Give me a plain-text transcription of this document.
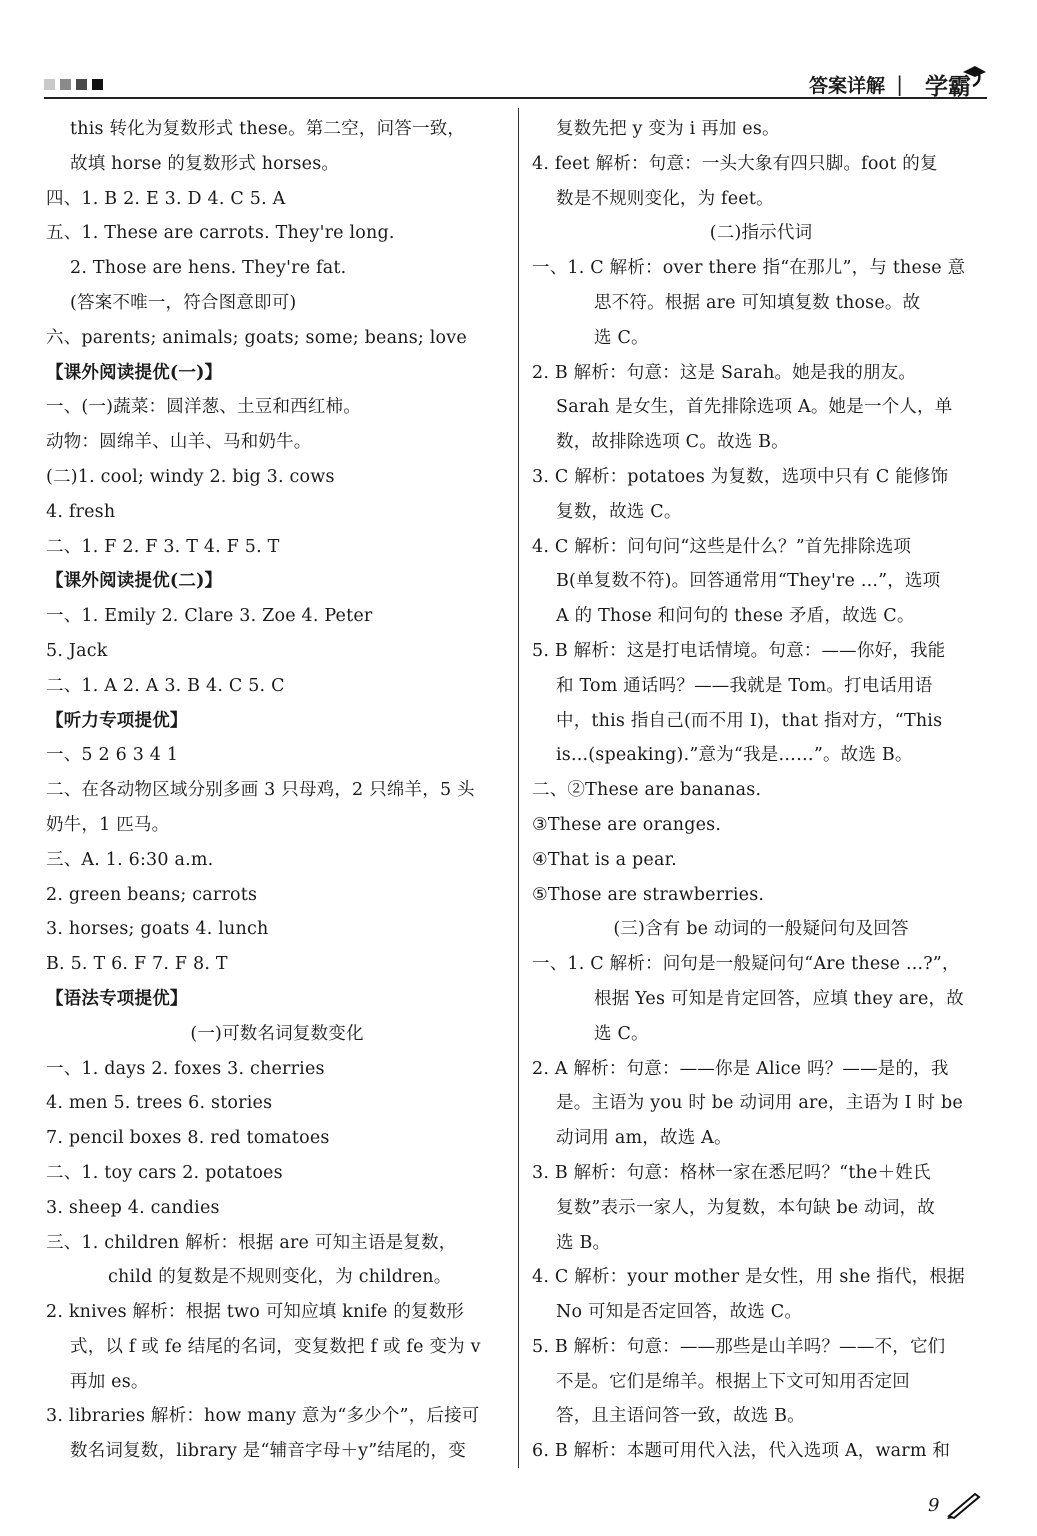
答案详解 | 学霸
this 转化为复数形式 these。第二空，问答一致，
故填 horse 的复数形式 horses。
四、1. B 2. E 3. D 4. C 5. A
五、1. These are carrots. They're long.
2. Those are hens. They're fat.
(答案不唯一，符合图意即可)
六、parents; animals; goats; some; beans; love
【课外阅读提优(一)】
一、(一)蔬菜：圆洋葱、土豆和西红柿。
动物：圆绵羊、山羊、马和奶牛。
(二)1. cool; windy 2. big 3. cows
4. fresh
二、1. F 2. F 3. T 4. F 5. T
【课外阅读提优(二)】
一、1. Emily 2. Clare 3. Zoe 4. Peter
5. Jack
二、1. A 2. A 3. B 4. C 5. C
【听力专项提优】
一、5 2 6 3 4 1
二、在各动物区域分别多画 3 只母鸡，2 只绵羊，5 头
奶牛，1 匹马。
三、A. 1. 6:30 a.m.
2. green beans; carrots
3. horses; goats 4. lunch
B. 5. T 6. F 7. F 8. T
【语法专项提优】
(一)可数名词复数变化
一、1. days 2. foxes 3. cherries
4. men 5. trees 6. stories
7. pencil boxes 8. red tomatoes
二、1. toy cars 2. potatoes
3. sheep 4. candies
三、1. children 解析：根据 are 可知主语是复数，
child 的复数是不规则变化，为 children。
2. knives 解析：根据 two 可知应填 knife 的复数形
式，以 f 或 fe 结尾的名词，变复数把 f 或 fe 变为 v
再加 es。
3. libraries 解析：how many 意为“多少个”，后接可
数名词复数，library 是“辅音字母＋y”结尾的，变
复数先把 y 变为 i 再加 es。
4. feet 解析：句意：一头大象有四只脚。foot 的复
数是不规则变化，为 feet。
(二)指示代词
一、1. C 解析：over there 指“在那儿”，与 these 意
思不符。根据 are 可知填复数 those。故
选 C。
2. B 解析：句意：这是 Sarah。她是我的朋友。
Sarah 是女生，首先排除选项 A。她是一个人，单
数，故排除选项 C。故选 B。
3. C 解析：potatoes 为复数，选项中只有 C 能修饰
复数，故选 C。
4. C 解析：问句问“这些是什么？”首先排除选项
B(单复数不符)。回答通常用“They're ...”，选项
A 的 Those 和问句的 these 矛盾，故选 C。
5. B 解析：这是打电话情境。句意：——你好，我能
和 Tom 通话吗？——我就是 Tom。打电话用语
中，this 指自己(而不用 I)，that 指对方，“This
is...(speaking).”意为“我是……”。故选 B。
二、②These are bananas.
③These are oranges.
④That is a pear.
⑤Those are strawberries.
(三)含有 be 动词的一般疑问句及回答
一、1. C 解析：问句是一般疑问句“Are these ...?”，
根据 Yes 可知是肯定回答，应填 they are，故
选 C。
2. A 解析：句意：——你是 Alice 吗？——是的，我
是。主语为 you 时 be 动词用 are，主语为 I 时 be
动词用 am，故选 A。
3. B 解析：句意：格林一家在悉尼吗？“the＋姓氏
复数”表示一家人，为复数，本句缺 be 动词，故
选 B。
4. C 解析：your mother 是女性，用 she 指代，根据
No 可知是否定回答，故选 C。
5. B 解析：句意：——那些是山羊吗？——不，它们
不是。它们是绵羊。根据上下文可知用否定回
答，且主语问答一致，故选 B。
6. B 解析：本题可用代入法，代入选项 A，warm 和
9
